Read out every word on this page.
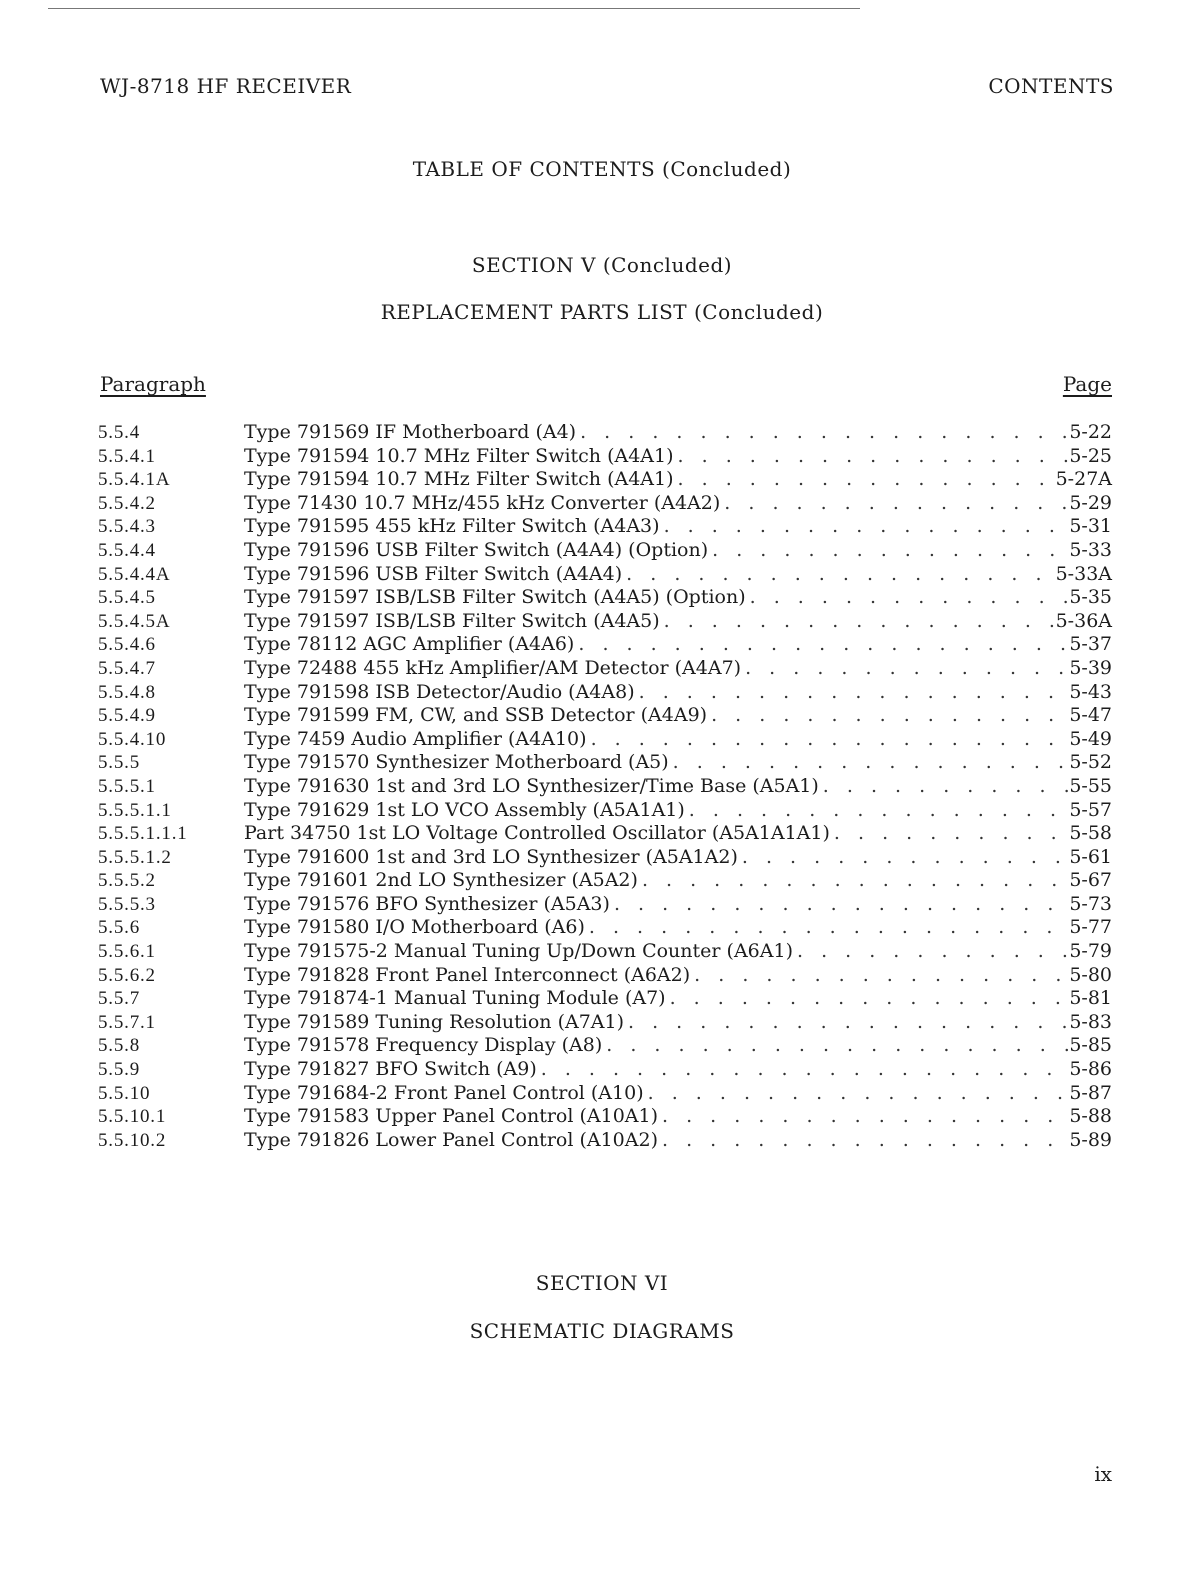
WJ-8718 HF RECEIVER	CONTENTS
TABLE OF CONTENTS (Concluded)
SECTION V (Concluded)
REPLACEMENT PARTS LIST (Concluded)
Paragraph	Page
5.5.4	Type 791569 IF Motherboard (A4) . . .	5-22
5.5.4.1	Type 791594 10.7 MHz Filter Switch (A4A1) . . .	5-25
5.5.4.1A	Type 791594 10.7 MHz Filter Switch (A4A1) . . .	5-27A
5.5.4.2	Type 71430 10.7 MHz/455 kHz Converter (A4A2) . . .	5-29
5.5.4.3	Type 791595 455 kHz Filter Switch (A4A3) . . .	5-31
5.5.4.4	Type 791596 USB Filter Switch (A4A4) (Option) . . .	5-33
5.5.4.4A	Type 791596 USB Filter Switch (A4A4) . . .	5-33A
5.5.4.5	Type 791597 ISB/LSB Filter Switch (A4A5) (Option) . . .	5-35
5.5.4.5A	Type 791597 ISB/LSB Filter Switch (A4A5) . . .	5-36A
5.5.4.6	Type 78112 AGC Amplifier (A4A6) . . .	5-37
5.5.4.7	Type 72488 455 kHz Amplifier/AM Detector (A4A7) . . .	5-39
5.5.4.8	Type 791598 ISB Detector/Audio (A4A8) . . .	5-43
5.5.4.9	Type 791599 FM, CW, and SSB Detector (A4A9) . . .	5-47
5.5.4.10	Type 7459 Audio Amplifier (A4A10) . . .	5-49
5.5.5	Type 791570 Synthesizer Motherboard (A5) . . .	5-52
5.5.5.1	Type 791630 1st and 3rd LO Synthesizer/Time Base (A5A1) . . .	5-55
5.5.5.1.1	Type 791629 1st LO VCO Assembly (A5A1A1) . . .	5-57
5.5.5.1.1.1	Part 34750 1st LO Voltage Controlled Oscillator (A5A1A1A1) . . .	5-58
5.5.5.1.2	Type 791600 1st and 3rd LO Synthesizer (A5A1A2) . . .	5-61
5.5.5.2	Type 791601 2nd LO Synthesizer (A5A2) . . .	5-67
5.5.5.3	Type 791576 BFO Synthesizer (A5A3) . . .	5-73
5.5.6	Type 791580 I/O Motherboard (A6) . . .	5-77
5.5.6.1	Type 791575-2 Manual Tuning Up/Down Counter (A6A1) . . .	5-79
5.5.6.2	Type 791828 Front Panel Interconnect (A6A2) . . .	5-80
5.5.7	Type 791874-1 Manual Tuning Module (A7) . . .	5-81
5.5.7.1	Type 791589 Tuning Resolution (A7A1) . . .	5-83
5.5.8	Type 791578 Frequency Display (A8) . . .	5-85
5.5.9	Type 791827 BFO Switch (A9) . . .	5-86
5.5.10	Type 791684-2 Front Panel Control (A10) . . .	5-87
5.5.10.1	Type 791583 Upper Panel Control (A10A1) . . .	5-88
5.5.10.2	Type 791826 Lower Panel Control (A10A2) . . .	5-89
SECTION VI
SCHEMATIC DIAGRAMS
ix
